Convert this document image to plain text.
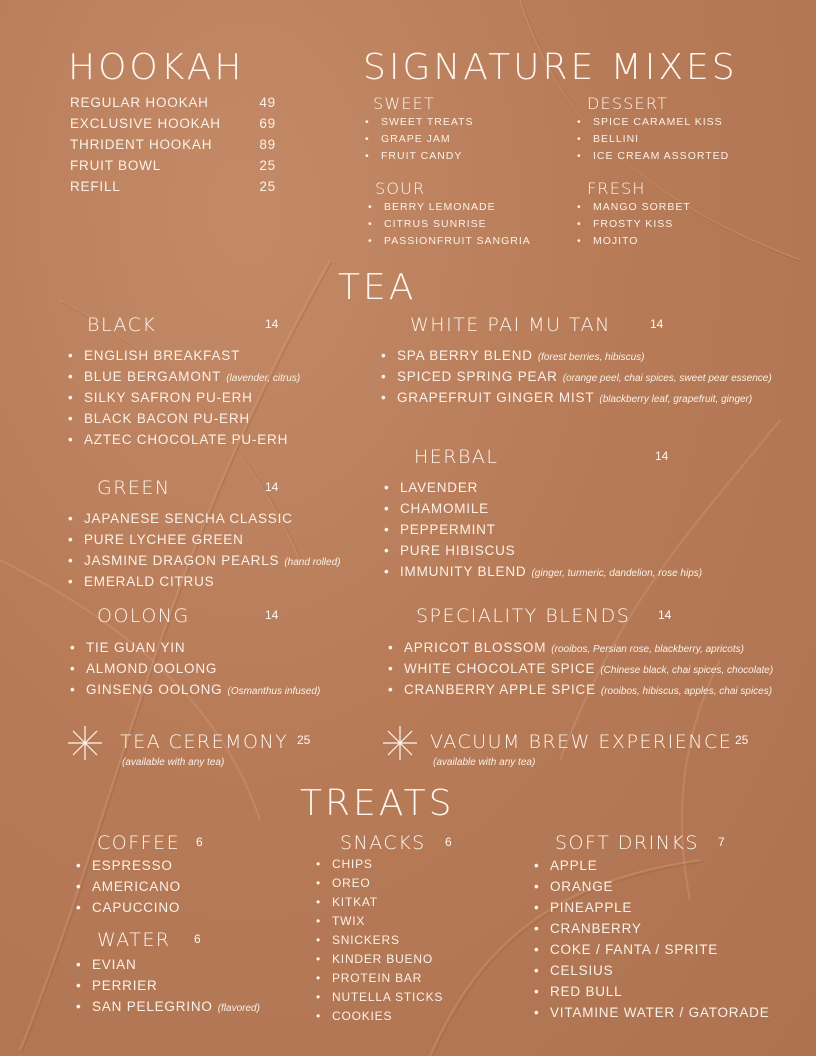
HOOKAH
REGULAR HOOKAH	49
EXCLUSIVE HOOKAH	69
THRIDENT HOOKAH	89
FRUIT BOWL	25
REFILL	25
SIGNATURE MIXES
SWEET
• SWEET TREATS
• GRAPE JAM
• FRUIT CANDY
DESSERT
• SPICE CARAMEL KISS
• BELLINI
• ICE CREAM ASSORTED
SOUR
• BERRY LEMONADE
• CITRUS SUNRISE
• PASSIONFRUIT SANGRIA
FRESH
• MANGO SORBET
• FROSTY KISS
• MOJITO
TEA
BLACK	14
• ENGLISH BREAKFAST
• BLUE BERGAMONT (lavender, citrus)
• SILKY SAFRON PU-ERH
• BLACK BACON PU-ERH
• AZTEC CHOCOLATE PU-ERH
WHITE PAI MU TAN	14
• SPA BERRY BLEND (forest berries, hibiscus)
• SPICED SPRING PEAR (orange peel, chai spices, sweet pear essence)
• GRAPEFRUIT GINGER MIST (blackberry leaf, grapefruit, ginger)
GREEN	14
• JAPANESE SENCHA CLASSIC
• PURE LYCHEE GREEN
• JASMINE DRAGON PEARLS (hand rolled)
• EMERALD CITRUS
HERBAL	14
• LAVENDER
• CHAMOMILE
• PEPPERMINT
• PURE HIBISCUS
• IMMUNITY BLEND (ginger, turmeric, dandelion, rose hips)
OOLONG	14
• TIE GUAN YIN
• ALMOND OOLONG
• GINSENG OOLONG (Osmanthus infused)
SPECIALITY BLENDS 14
• APRICOT BLOSSOM (rooibos, Persian rose, blackberry, apricots)
• WHITE CHOCOLATE SPICE (Chinese black, chai spices, chocolate)
• CRANBERRY APPLE SPICE (rooibos, hibiscus, apples, chai spices)
TEA CEREMONY 25
(available with any tea)
VACUUM BREW EXPERIENCE 25
(available with any tea)
TREATS
COFFEE 6
• ESPRESSO
• AMERICANO
• CAPUCCINO
WATER 6
• EVIAN
• PERRIER
• SAN PELEGRINO (flavored)
SNACKS 6
• CHIPS
• OREO
• KITKAT
• TWIX
• SNICKERS
• KINDER BUENO
• PROTEIN BAR
• NUTELLA STICKS
• COOKIES
SOFT DRINKS 7
• APPLE
• ORANGE
• PINEAPPLE
• CRANBERRY
• COKE / FANTA / SPRITE
• CELSIUS
• RED BULL
• VITAMINE WATER / GATORADE
